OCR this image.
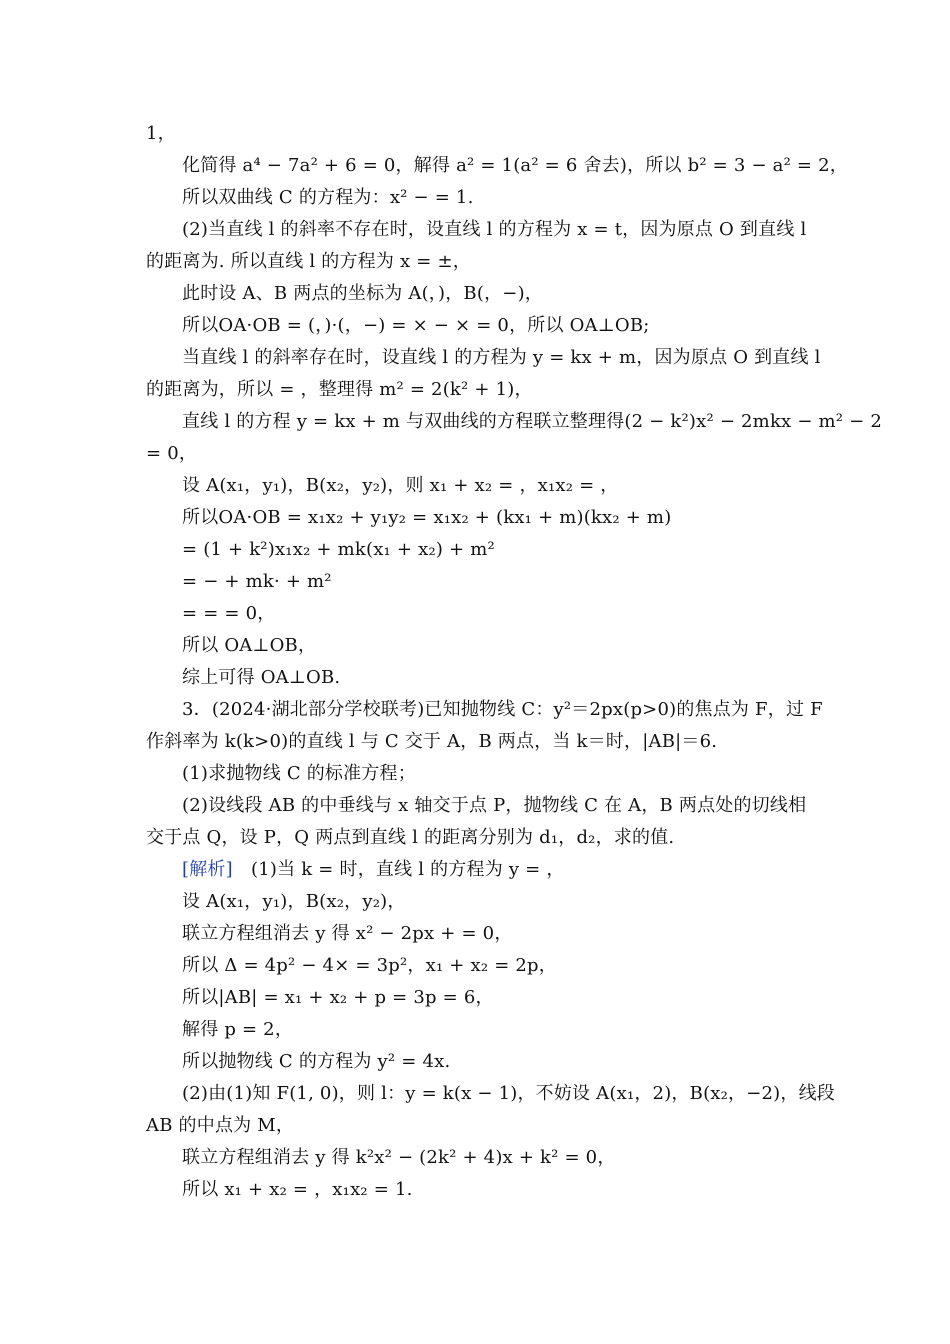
1，
化简得 a⁴ − 7a² + 6 = 0，解得 a² = 1(a² = 6 舍去)，所以 b² = 3 − a² = 2，
所以双曲线 C 的方程为：x² − = 1.
(2)当直线 l 的斜率不存在时，设直线 l 的方程为 x = t，因为原点 O 到直线 l
的距离为. 所以直线 l 的方程为 x = ±，
此时设 A、B 两点的坐标为 A(，)，B(，−)，
所以OA·OB = (，)·(，−) = × − × = 0，所以 OA⊥OB;
当直线 l 的斜率存在时，设直线 l 的方程为 y = kx + m，因为原点 O 到直线 l
的距离为，所以 = ，整理得 m² = 2(k² + 1)，
直线 l 的方程 y = kx + m 与双曲线的方程联立整理得(2 − k²)x² − 2mkx − m² − 2
= 0，
设 A(x₁，y₁)，B(x₂，y₂)，则 x₁ + x₂ = ，x₁x₂ = ，
所以OA·OB = x₁x₂ + y₁y₂ = x₁x₂ + (kx₁ + m)(kx₂ + m)
= (1 + k²)x₁x₂ + mk(x₁ + x₂) + m²
= − + mk· + m²
= = = 0，
所以 OA⊥OB，
综上可得 OA⊥OB.
3．(2024·湖北部分学校联考)已知抛物线 C：y²＝2px(p>0)的焦点为 F，过 F
作斜率为 k(k>0)的直线 l 与 C 交于 A，B 两点，当 k＝时，|AB|＝6.
(1)求抛物线 C 的标准方程；
(2)设线段 AB 的中垂线与 x 轴交于点 P，抛物线 C 在 A，B 两点处的切线相
交于点 Q，设 P，Q 两点到直线 l 的距离分别为 d₁，d₂，求的值.
[解析]　(1)当 k = 时，直线 l 的方程为 y = ，
设 A(x₁，y₁)，B(x₂，y₂)，
联立方程组消去 y 得 x² − 2px + = 0，
所以 Δ = 4p² − 4× = 3p²，x₁ + x₂ = 2p，
所以|AB| = x₁ + x₂ + p = 3p = 6，
解得 p = 2，
所以抛物线 C 的方程为 y² = 4x.
(2)由(1)知 F(1, 0)，则 l：y = k(x − 1)，不妨设 A(x₁，2)，B(x₂，−2)，线段
AB 的中点为 M，
联立方程组消去 y 得 k²x² − (2k² + 4)x + k² = 0，
所以 x₁ + x₂ = ，x₁x₂ = 1.
